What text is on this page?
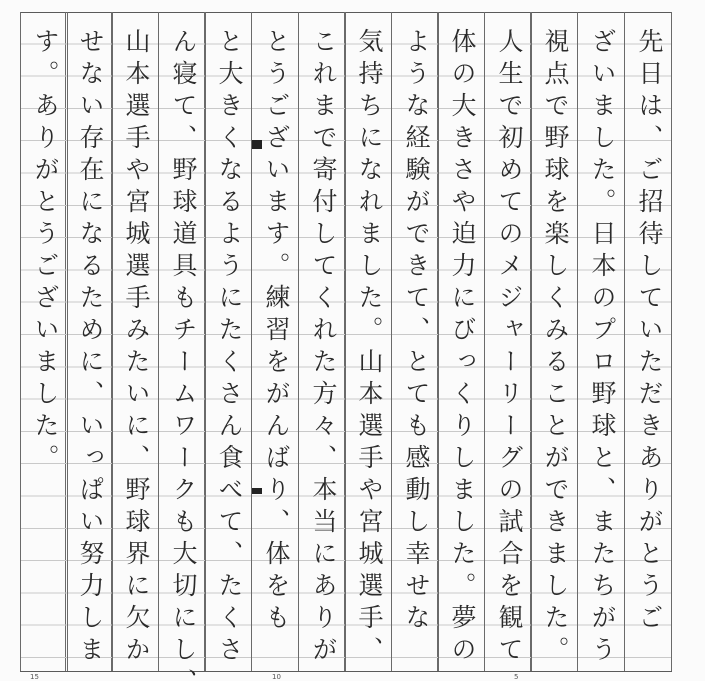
先日は、ご招待していただきありがとうご
ざいました。日本のプロ野球と、またちがう
視点で野球を楽しくみることができました。
人生で初めてのメジャーリーグの試合を観て
体の大きさや迫力にびっくりしました。夢の
ような経験ができて、とても感動し幸せな
気持ちになれました。山本選手や宮城選手、
これまで寄付してくれた方々、本当にありが
とうございます。練習をがんばり、体をも
と大きくなるようにたくさん食べて、たくさ
ん寝て、野球道具もチームワークも大切にし、
山本選手や宮城選手みたいに、野球界に欠か
せない存在になるために、いっぱい努力しま
す。ありがとうございました。
15	10	5
